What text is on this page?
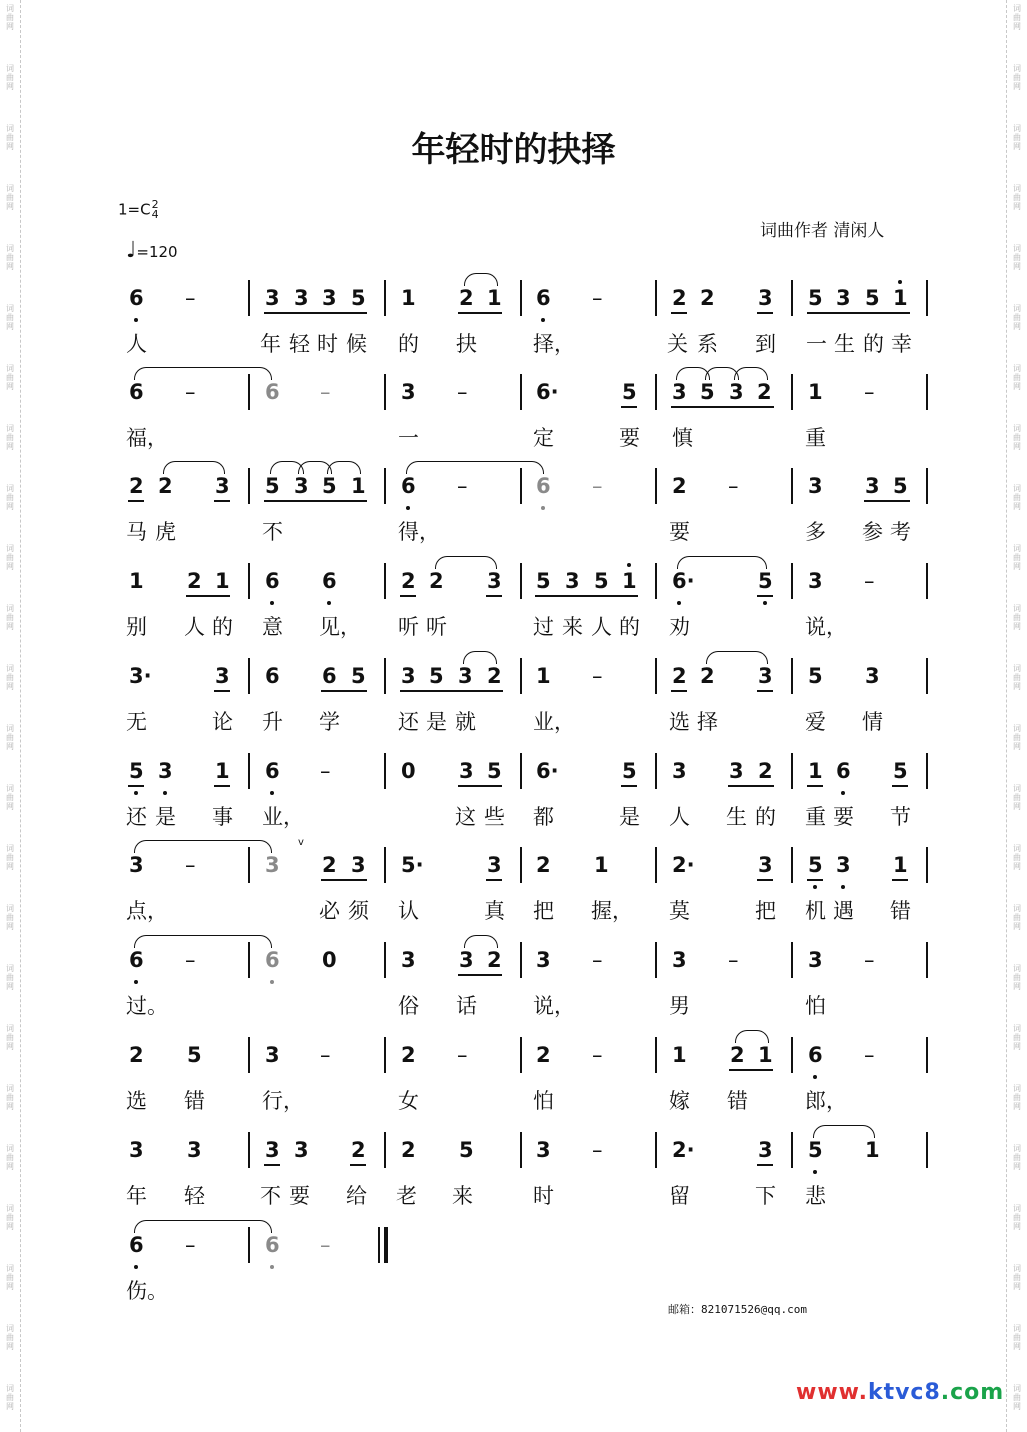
词
曲
网
词
曲
网
词
曲
网
词
曲
网
词
曲
网
词
曲
网
词
曲
网
词
曲
网
词
曲
网
词
曲
网
词
曲
网
词
曲
网
词
曲
网
词
曲
网
词
曲
网
词
曲
网
词
曲
网
词
曲
网
词
曲
网
词
曲
网
词
曲
网
词
曲
网
词
曲
网
词
曲
网
词
曲
网
词
曲
网
词
曲
网
词
曲
网
词
曲
网
词
曲
网
词
曲
网
词
曲
网
词
曲
网
词
曲
网
词
曲
网
词
曲
网
词
曲
网
词
曲
网
词
曲
网
词
曲
网
词
曲
网
词
曲
网
词
曲
网
词
曲
网
词
曲
网
词
曲
网
词
曲
网
词
曲
网
年轻时的抉择
1=C2
4
♩=120
词曲作者 清闲人
6 –	3 3 3 5 1 2 1 6 –	2 2 3 5 3 5 1
人	年 轻 时 候 的 抉	择，	关 系 到 一 生 的 幸
6 –	6 –	3 –	6·	5 3 5 3 2 1 –
福，	一	定	要 慎	重
2 2 3 5 3 5 1 6 –	6 –	2 –	3 3 5
马 虎	不	得，	要	多 参 考
1 2 1 6 6	2 2 3 5 3 5 1 6·	5 3 –
别 人 的 意 见， 听 听	过 来 人 的 劝	说，
3·	3 6 6 5 3 5 3 2 1 –	2 2 3 5 3
无	论 升 学	还 是 就	业，	选 择	爱 情
5 3 1 6 –	0 3 5 6·	5 3 3 2 1 6 5
还 是 事 业，	这 些 都	是 人 生 的 重 要 节
3 –	3
v
2 3 5·	3 2 1	2·	3 5 3 1
点，	必 须 认	真 把 握， 莫	把 机 遇 错
6 –	6 0	3 3 2 3 –	3 –	3 –
过。	俗 话	说，	男	怕
2 5	3 –	2 –	2 –	1 2 1 6 –
选 错	行，	女	怕	嫁 错	郎，
3 3	3 3 2 2 5	3 –	2·	3 5 1
年 轻	不 要 给 老 来	时	留	下 悲
6 –	6 –
伤。
邮箱：821071526@qq.com
www.ktvc8.com
